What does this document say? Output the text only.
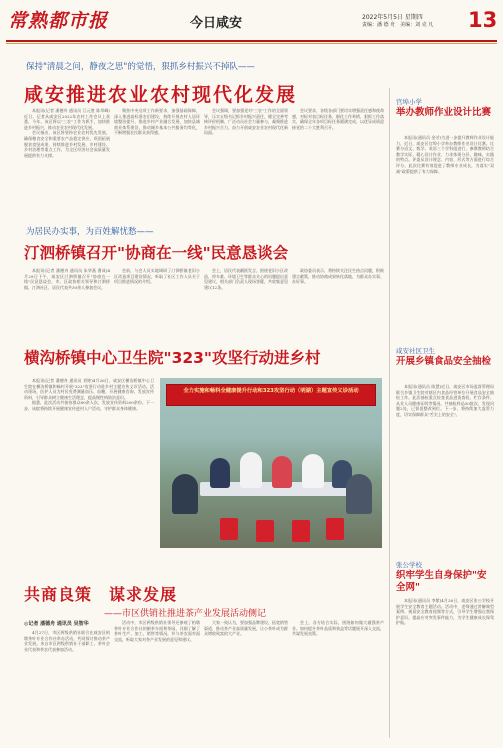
常熟都市报	今日咸安	2022年5月5日 星期四
责编：潘 德 舟　美编：刘 克 凡 13
保持"清晨之问，静夜之思"的觉悟，狠抓乡村振兴不掉队——
咸安推进农业农村现代化发展

本报讯(记者 潘德舟 通讯员 江元胜 陈翠峰)近日，记者从咸安区2022年农村工作会议上获悉，今年，该区将以"三农"工作为抓手，加快推进乡村振兴，推动农业农村现代化发展。

会议指出，该区将坚持农业农村优先发展，确保粮食安全和重要农产品稳定供应，巩固拓展脱贫攻坚成果，持续推进乡村发展、乡村建设、乡村治理等重点工作，为全区经济社会高质量发展提供有力支撑。

聚焦中央这项工作新要求，加强基础保障，深入推进高标准农田建设，持续开展农村人居环境整治提升，推进乡村产业融合发展，加快县域商业体系建设，推动城乡基本公共服务均等化，不断增强农民群众获得感。

会议强调，要加强党对"三农"工作的全面领导，压实五级书记抓乡村振兴责任，健全完善考核评价机制，广泛动员社会力量参与，凝聚推进乡村振兴合力，奋力开创咸安农业农村现代化新局面。

会议要求，各级各部门要切实增强责任感和使命感，对标对表目标任务，细化工作举措，狠抓工作落实，确保全年各项目标任务圆满完成，以优异成绩迎接党的二十大胜利召开。

为居民办实事，为百姓解忧愁——
汀泗桥镇召开"协商在一线"民意恳谈会

本报讯(记者 潘德舟 通讯员 朱华燕 曹成)4月29日下午，咸安区汀泗桥镇召开"协商在一线"民意恳谈会，市、区政协相关领导和汀泗桥镇、汀泗社区、居民代表共30余人参加会议。

会前，与会人员实地调研了汀泗桥镇老旧小区改造项目建设情况，听取了社区工作人员关于项目推进情况的介绍。

会上，居民代表踊跃发言，围绕老旧小区改造、停车难、环境卫生等群众关心的问题提出意见建议，相关部门负责人现场答疑，共收集意见建议12条。

政协委员表示，将持续关注民生热点问题，积极建言献策，推动协商成果转化落地，为群众办实事、办好事。

横沟桥镇中心卫生院"323"攻坚行动进乡村

本报讯(记者 潘德舟 通讯员 刘婷)4月26日，咸安区横沟桥镇中心卫生院在横沟桥镇和畅村开展"323"攻坚行动进乡村主题宣传义诊活动。活动现场，医护人员为村民免费测量血压、血糖，开展健康咨询，发放宣传资料，引导群众树立健康生活理念，提高慢性病防治意识。

据悉，此次活动共接待群众80余人次，发放宣传资料200余份。下一步，该院将持续开展健康宣传进村入户活动，守护群众身体健康。

全力实施和畅科全健康提升行动和323攻坚行动（明湖）主题宣传义诊活动
共商良策　谋求发展
——市区供销社推进茶产业发展活动侧记
◎记者 潘德舟 通讯员 吴智华

4月27日，市区两级供销社联合在咸安区柏墩茶叶专业合作社举办活动，共同探讨推动茶产业发展。来自市区两级供销社干部职工、茶叶企业代表和茶农代表参加活动。

活动中，市区两级供销社领导还参观了柏墩茶叶专业合作社的制茶车间和茶园，详细了解了茶叶生产、加工、销售等情况，并与茶农面对面交流，听取大家对茶产业发展的意见和建议。

大家一致认为，要加强品牌建设，拓宽销售渠道，推动茶产业高质量发展，让小茶叶成为群众增收致富的大产业。

会上，各方结合实际，围绕如何做大做强茶产业、如何提升茶叶品质和效益等话题展开深入交流，共谋发展良策。

官埠小学
举办教师作业设计比赛

本报讯(通讯员 金芳)为进一步提升教师作业设计能力，近日，咸安区官埠小学举办教师作业设计比赛。比赛分语文、数学、英语三个学科组进行，参赛教师结合教学实际，精心设计作业，力求体现分层、趣味、实践的特点。评委从设计理念、内容、形式等方面进行综合评分。此次比赛有效促进了教师专业成长，为落实"双减"政策提供了有力保障。

咸安社区卫生
开展乡镇食品安全抽检

本报讯(通讯员 陈慧)近日，咸安区市场监督管理局联合乡镇卫生院对辖区内食品经营单位开展食品安全抽检工作。此次抽检重点检查食品进货查验、贮存条件、从业人员健康证明等情况，共抽检样品30批次，发现问题2处，已督促整改到位。下一步，将持续加大监管力度，切实保障群众"舌尖上的安全"。

张公学校
织牢学生自身保护"安全网"

本报讯(通讯员 李紫)4月28日，咸安区张公学校开展学生安全教育主题活动。活动中，老师通过讲解典型案例、观看安全教育视频等方式，引导学生增强自我保护意识，提高应对突发事件能力，为学生健康成长保驾护航。
